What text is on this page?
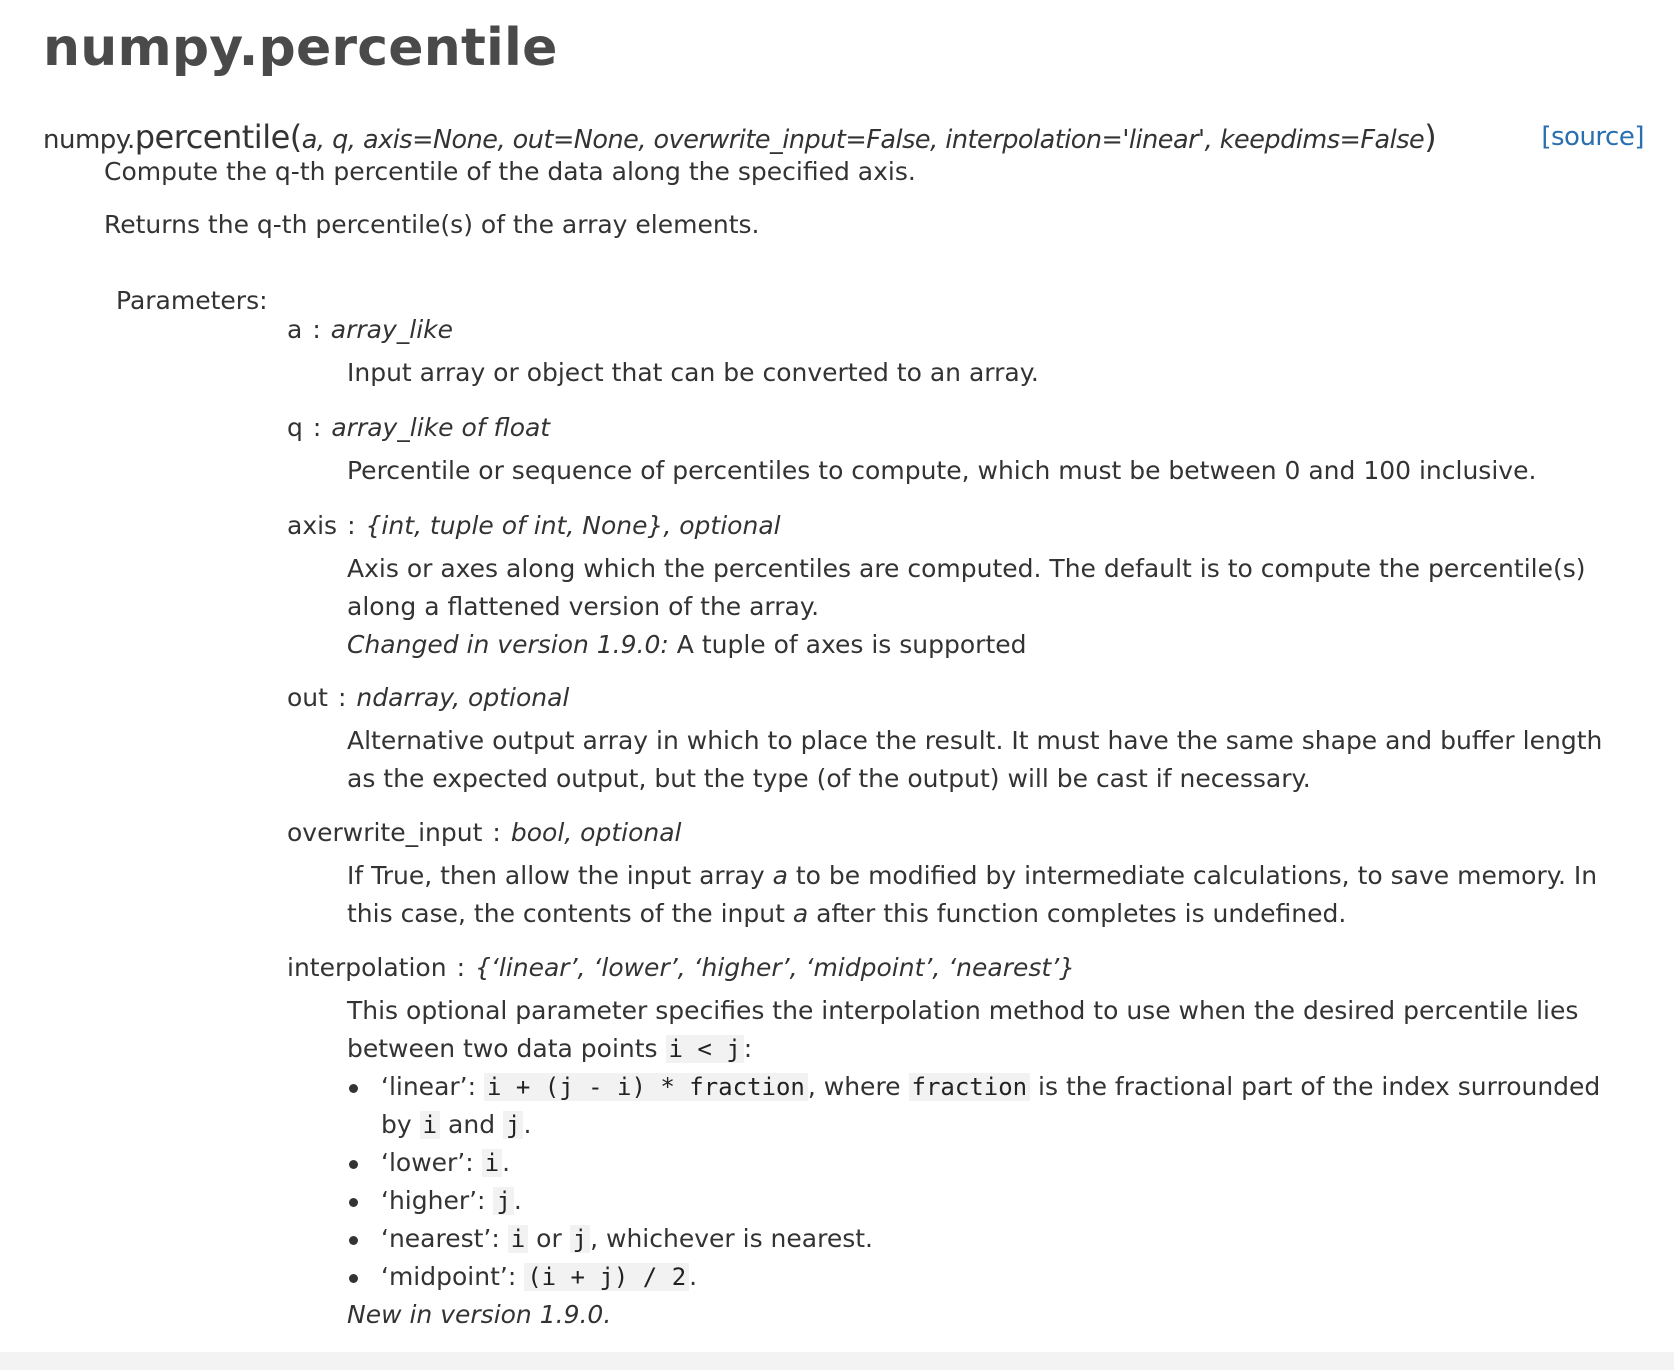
numpy.percentile
numpy.percentile(a, q, axis=None, out=None, overwrite_input=False, interpolation='linear', keepdims=False)	[source]

Compute the q-th percentile of the data along the specified axis.

Returns the q-th percentile(s) of the array elements.

Parameters:
a : array_like

Input array or object that can be converted to an array.

q : array_like of float

Percentile or sequence of percentiles to compute, which must be between 0 and 100 inclusive.

axis : {int, tuple of int, None}, optional

Axis or axes along which the percentiles are computed. The default is to compute the percentile(s) along a flattened version of the array.

Changed in version 1.9.0: A tuple of axes is supported

out : ndarray, optional

Alternative output array in which to place the result. It must have the same shape and buffer length as the expected output, but the type (of the output) will be cast if necessary.

overwrite_input : bool, optional

If True, then allow the input array a to be modified by intermediate calculations, to save memory. In this case, the contents of the input a after this function completes is undefined.

interpolation : {‘linear’, ‘lower’, ‘higher’, ‘midpoint’, ‘nearest’}

This optional parameter specifies the interpolation method to use when the desired percentile lies between two data points i < j :

‘linear’: i + (j - i) * fraction , where fraction is the fractional part of the index surrounded by i and j .
‘lower’: i .
‘higher’: j .
‘nearest’: i or j , whichever is nearest.
‘midpoint’: (i + j) / 2 .

New in version 1.9.0.
